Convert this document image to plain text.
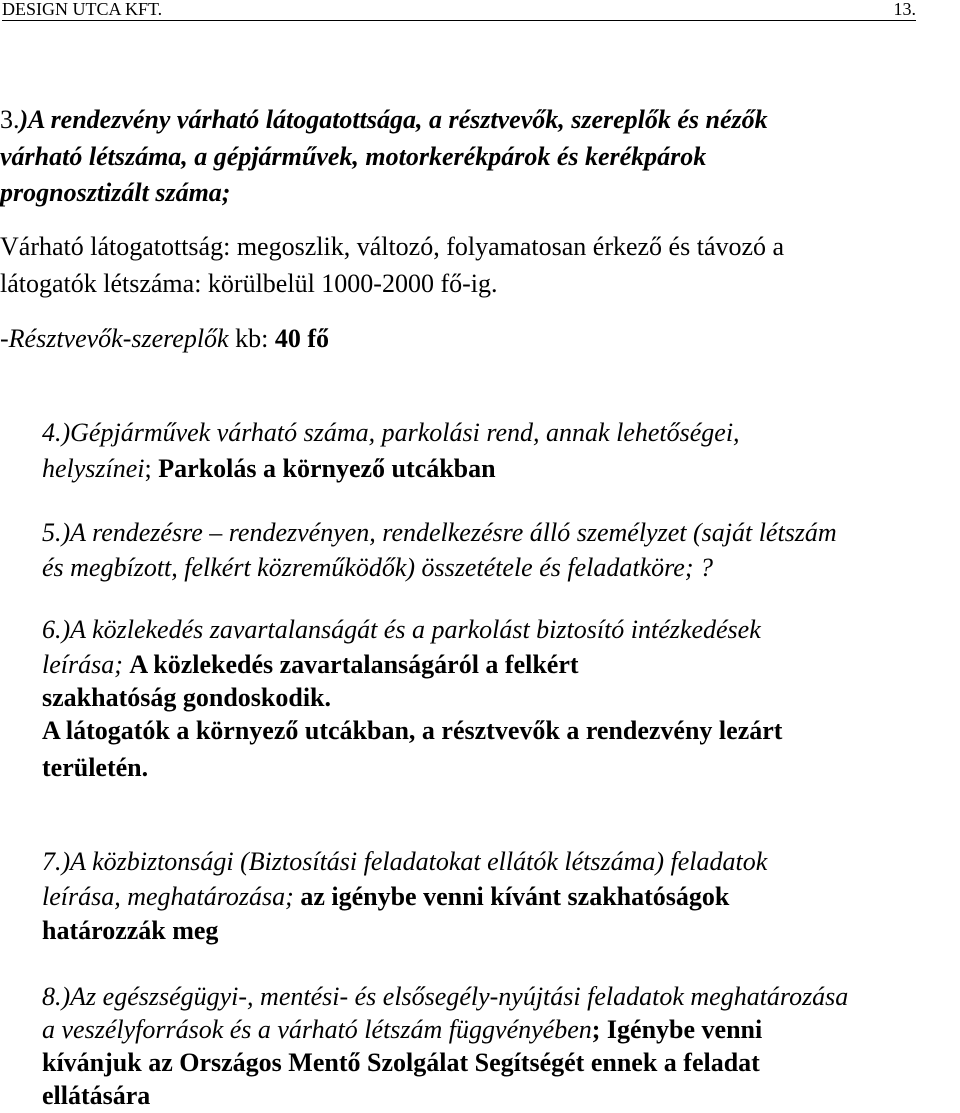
DESIGN UTCA KFT.	13.
3.)A rendezvény várható látogatottsága, a résztvevők, szereplők és nézők
várható létszáma, a gépjárművek, motorkerékpárok és kerékpárok
prognosztizált száma;
Várható látogatottság: megoszlik, változó, folyamatosan érkező és távozó a
látogatók létszáma: körülbelül 1000-2000 fő-ig.
-Résztvevők-szereplők kb: 40 fő
4.)Gépjárművek várható száma, parkolási rend, annak lehetőségei,
helyszínei; Parkolás a környező utcákban
5.)A rendezésre – rendezvényen, rendelkezésre álló személyzet (saját létszám
és megbízott, felkért közreműködők) összetétele és feladatköre; ?
6.)A közlekedés zavartalanságát és a parkolást biztosító intézkedések
leírása; A közlekedés zavartalanságáról a felkért
szakhatóság gondoskodik.
A látogatók a környező utcákban, a résztvevők a rendezvény lezárt
területén.
7.)A közbiztonsági (Biztosítási feladatokat ellátók létszáma) feladatok
leírása, meghatározása; az igénybe venni kívánt szakhatóságok
határozzák meg
8.)Az egészségügyi-, mentési- és elsősegély-nyújtási feladatok meghatározása
a veszélyforrások és a várható létszám függvényében; Igénybe venni
kívánjuk az Országos Mentő Szolgálat Segítségét ennek a feladat
ellátására
